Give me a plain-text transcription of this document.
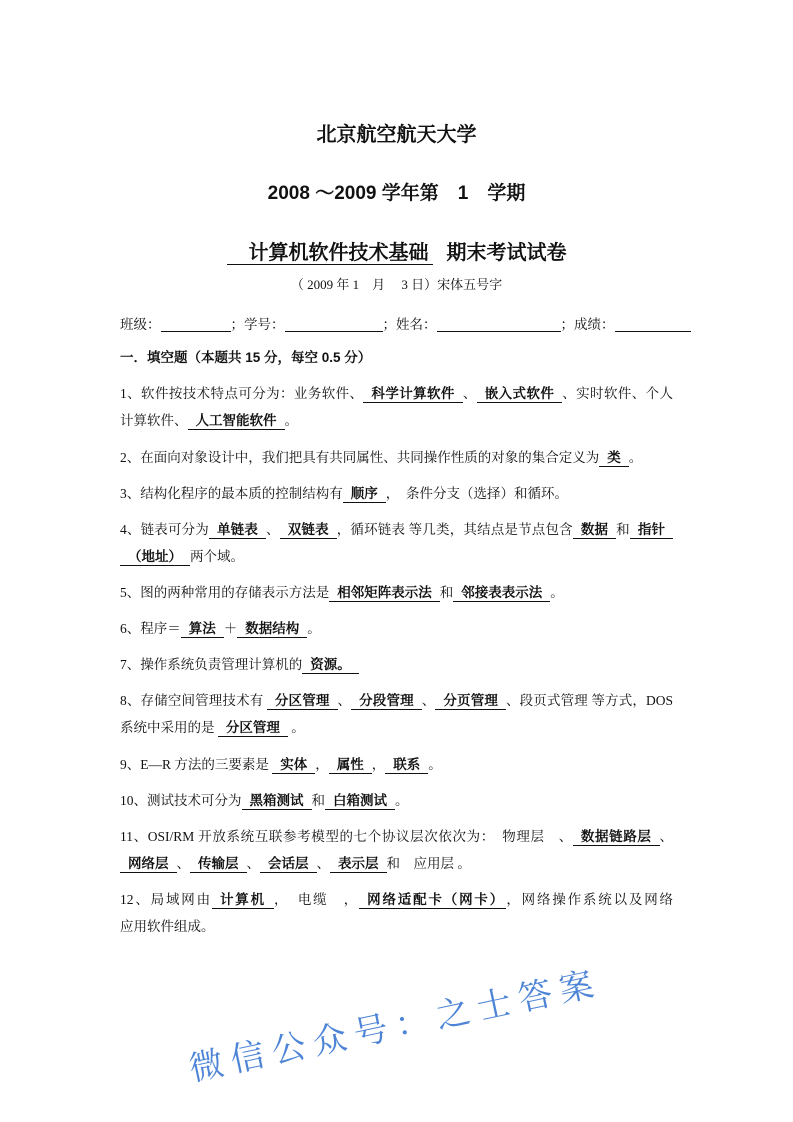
北京航空航天大学
2008 ～2009 学年第　1　学期
计算机软件技术基础 期末考试试卷
（ 2009 年 1　月　 3 日）宋体五号字
班级：	；学号：	；姓名：	；成绩：
一．填空题（本题共 15 分，每空 0.5 分）
1、软件按技术特点可分为：业务软件、 科学计算软件 、 嵌入式软件 、实时软件、个人
计算软件、 人工智能软件 。
2、在面向对象设计中，我们把具有共同属性、共同操作性质的对象的集合定义为 类 。
3、结构化程序的最本质的控制结构有 顺序 ，　条件分支（选择）和循环。
4、链表可分为 单链表 、 双链表 ，循环链表 等几类，其结点是节点包含 数据 和 指针
（地址） 两个域。
5、图的两种常用的存储表示方法是 相邻矩阵表示法 和 邻接表表示法 。
6、程序＝ 算法 ＋ 数据结构 。
7、操作系统负责管理计算机的 资源。
8、存储空间管理技术有 分区管理 、 分段管理 、 分页管理 、段页式管理 等方式，DOS
系统中采用的是 分区管理 。
9、E—R 方法的三要素是 实体 ， 属性 ， 联系 。
10、测试技术可分为 黑箱测试 和 白箱测试 。
11、OSI/RM 开放系统互联参考模型的七个协议层次依次为：　物理层　、 数据链路层 、
网络层 、 传输层 、 会话层 、 表示层 和　应用层 。
12、局域网由 计算机 ，　电缆　， 网络适配卡（网卡） ，网络操作系统以及网络
应用软件组成。
微信公众号：之士答案
